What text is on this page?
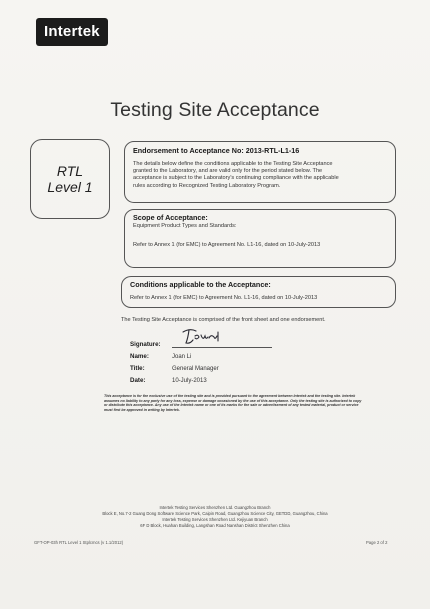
Intertek
Testing Site Acceptance
RTL
Level 1
Endorsement to Acceptance No: 2013-RTL-L1-16
The details below define the conditions applicable to the Testing Site Acceptance
granted to the Laboratory, and are valid only for the period stated below. The
acceptance is subject to the Laboratory's continuing compliance with the applicable
rules according to Recognized Testing Laboratory Program.
Scope of Acceptance:
Equipment Product Types and Standards:
Refer to Annex 1 (for EMC) to Agreement No. L1-16, dated on 10-July-2013
Conditions applicable to the Acceptance:
Refer to Annex 1 (for EMC) to Agreement No. L1-16, dated on 10-July-2013
The Testing Site Acceptance is comprised of the front sheet and one endorsement.
Signature:
Name:	Joan Li
Title:	General Manager
Date:	10-July-2013
This acceptance is for the exclusive use of the testing site and is provided pursuant to the agreement between Intertek and the testing site. Intertek
assumes no liability to any party for any loss, expense or damage occasioned by the use of this acceptance. Only the testing site is authorized to copy
or distribute this acceptance. Any use of the Intertek name or one of its marks for the sale or advertisement of any tested material, product or service
must first be approved in writing by Intertek.
Intertek Testing Services Shenzhen Ltd. Guangzhou Branch
Block E, No.7-2 Guang Dong Software Science Park, Caipin Road, Guangzhou Science City, GETDD, Guangzhou, China
Intertek Testing Services Shenzhen Ltd. Kejiyuan Branch
6F D Block, Huahan Building, Langshan Road Nanshan District Shenzhen China
GFT-OP-03h RTL Level 1 Stplcmcs (v 1.1/2012)	Page 2 of 2
